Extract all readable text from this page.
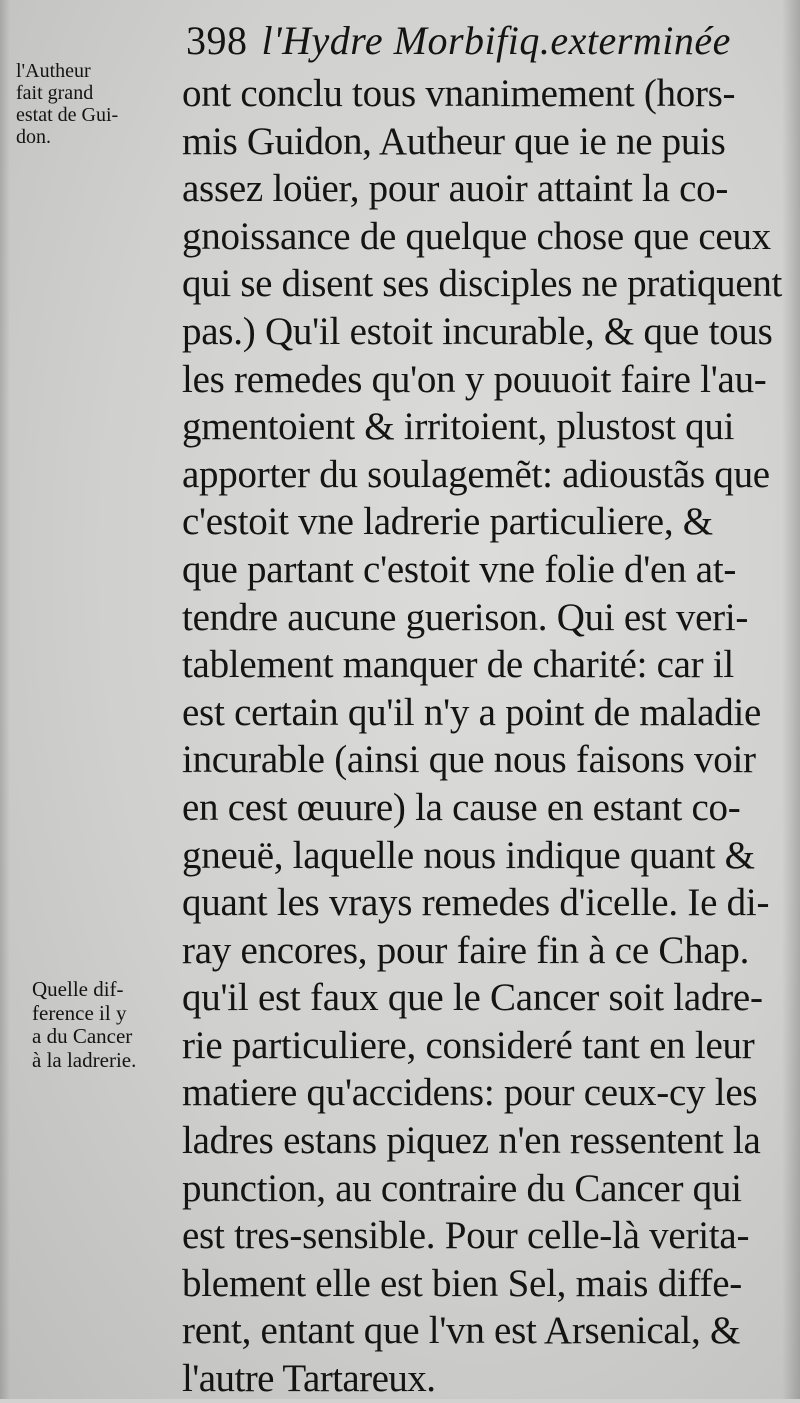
398 l'Hydre Morbifiq.exterminée
l'Autheur
fait grand
estat de Gui-
don.
Quelle dif-
ference il y
a du Cancer
à la ladrerie.
ont conclu tous vnanimement (hors-
mis Guidon, Autheur que ie ne puis
assez loüer, pour auoir attaint la co-
gnoissance de quelque chose que ceux
qui se disent ses disciples ne pratiquent
pas.) Qu'il estoit incurable, & que tous
les remedes qu'on y pouuoit faire l'au-
gmentoient & irritoient, plustost qui
apporter du soulagemẽt: adioustãs que
c'estoit vne ladrerie particuliere, &
que partant c'estoit vne folie d'en at-
tendre aucune guerison. Qui est veri-
tablement manquer de charité: car il
est certain qu'il n'y a point de maladie
incurable (ainsi que nous faisons voir
en cest œuure) la cause en estant co-
gneuë, laquelle nous indique quant &
quant les vrays remedes d'icelle. Ie di-
ray encores, pour faire fin à ce Chap.
qu'il est faux que le Cancer soit ladre-
rie particuliere, consideré tant en leur
matiere qu'accidens: pour ceux-cy les
ladres estans piquez n'en ressentent la
punction, au contraire du Cancer qui
est tres-sensible. Pour celle-là verita-
blement elle est bien Sel, mais diffe-
rent, entant que l'vn est Arsenical, &
l'autre Tartareux.
